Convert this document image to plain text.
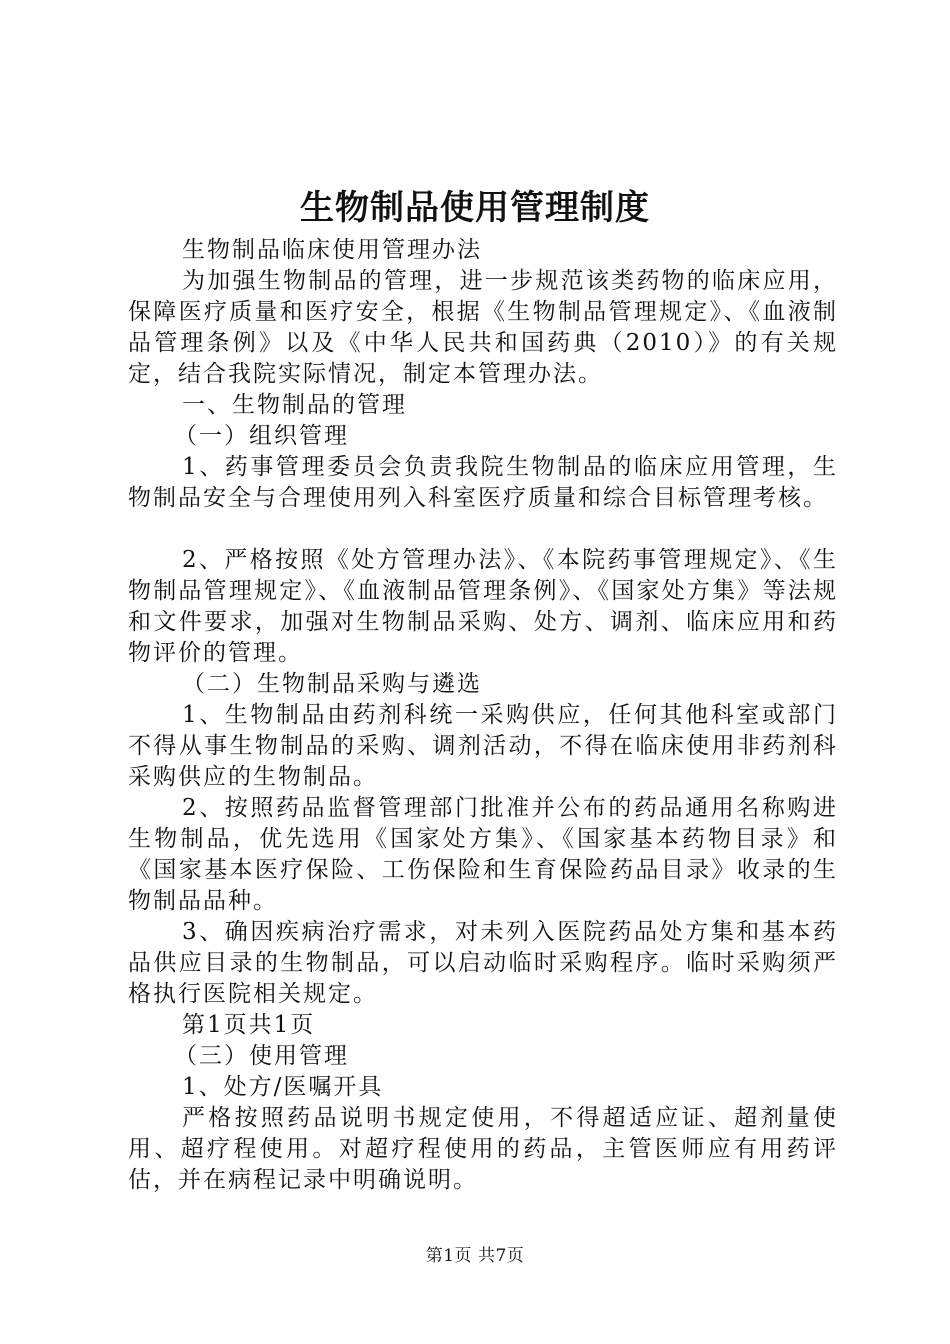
生物制品使用管理制度

生物制品临床使用管理办法

为加强生物制品的管理，进一步规范该类药物的临床应用，保障医疗质量和医疗安全，根据《生物制品管理规定》、《血液制品管理条例》以及《中华人民共和国药典（2010）》的有关规定，结合我院实际情况，制定本管理办法。

一、生物制品的管理

（一）组织管理

1、药事管理委员会负责我院生物制品的临床应用管理，生物制品安全与合理使用列入科室医疗质量和综合目标管理考核。

2、严格按照《处方管理办法》、《本院药事管理规定》、《生物制品管理规定》、《血液制品管理条例》、《国家处方集》等法规和文件要求，加强对生物制品采购、处方、调剂、临床应用和药物评价的管理。

（二）生物制品采购与遴选

1、生物制品由药剂科统一采购供应，任何其他科室或部门不得从事生物制品的采购、调剂活动，不得在临床使用非药剂科采购供应的生物制品。

2、按照药品监督管理部门批准并公布的药品通用名称购进生物制品，优先选用《国家处方集》、《国家基本药物目录》和《国家基本医疗保险、工伤保险和生育保险药品目录》收录的生物制品品种。

3、确因疾病治疗需求，对未列入医院药品处方集和基本药品供应目录的生物制品，可以启动临时采购程序。临时采购须严格执行医院相关规定。

第1页共1页

（三）使用管理

1、处方/医嘱开具

严格按照药品说明书规定使用，不得超适应证、超剂量使用、超疗程使用。对超疗程使用的药品，主管医师应有用药评估，并在病程记录中明确说明。

第1页 共7页
